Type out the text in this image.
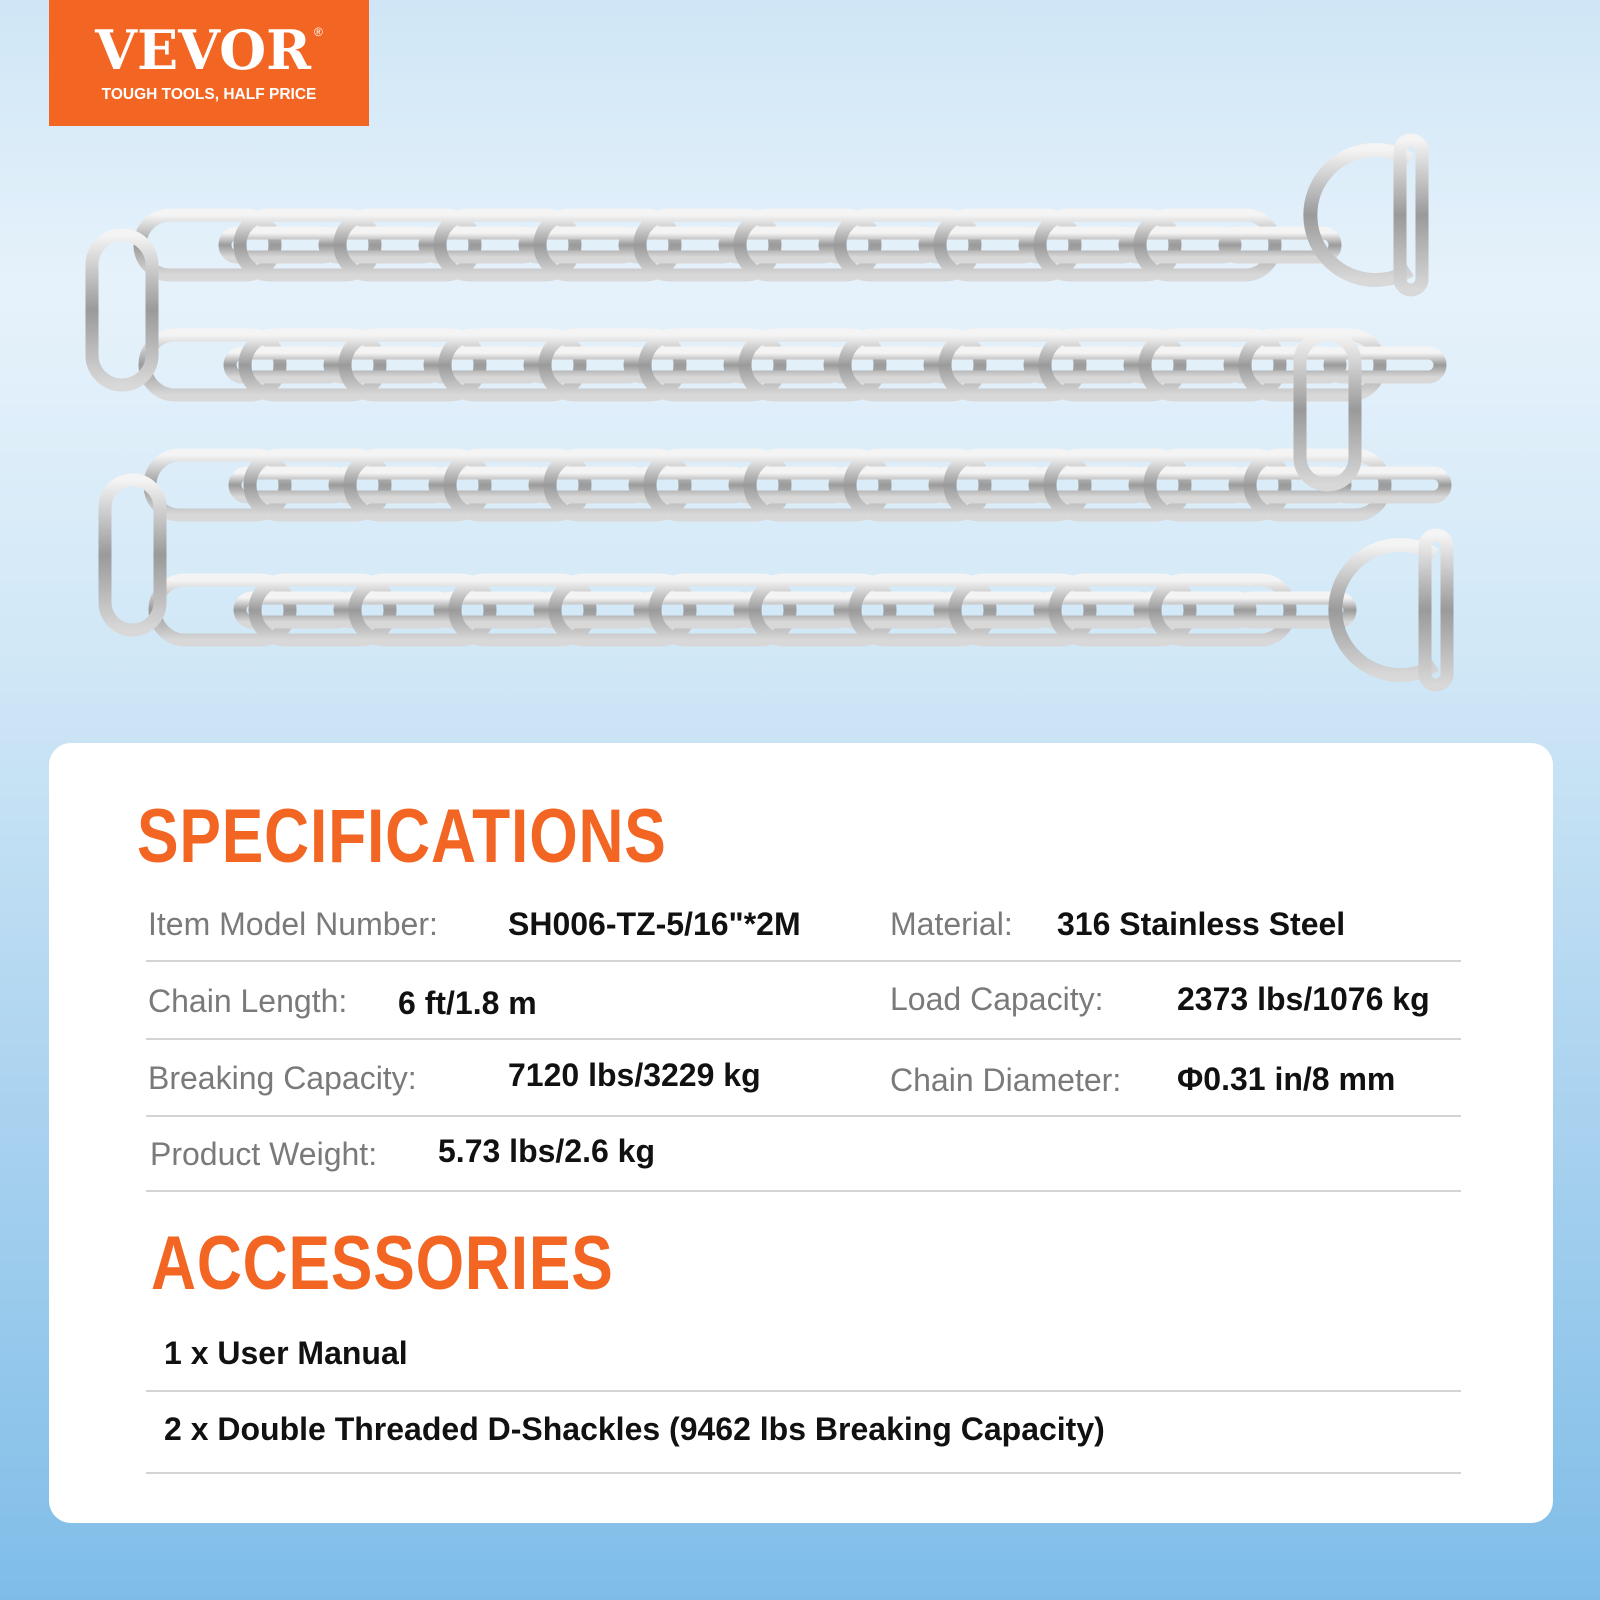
VEVOR ®
TOUGH TOOLS, HALF PRICE
SPECIFICATIONS
Item Model Number: SH006-TZ-5/16"*2M	Material: 316 Stainless Steel
Chain Length: 6 ft/1.8 m	Load Capacity: 2373 lbs/1076 kg
Breaking Capacity:	7120 lbs/3229 kg	Chain Diameter: Φ0.31 in/8 mm
Product Weight: 5.73 lbs/2.6 kg
ACCESSORIES
1 x User Manual
2 x Double Threaded D-Shackles (9462 lbs Breaking Capacity)
